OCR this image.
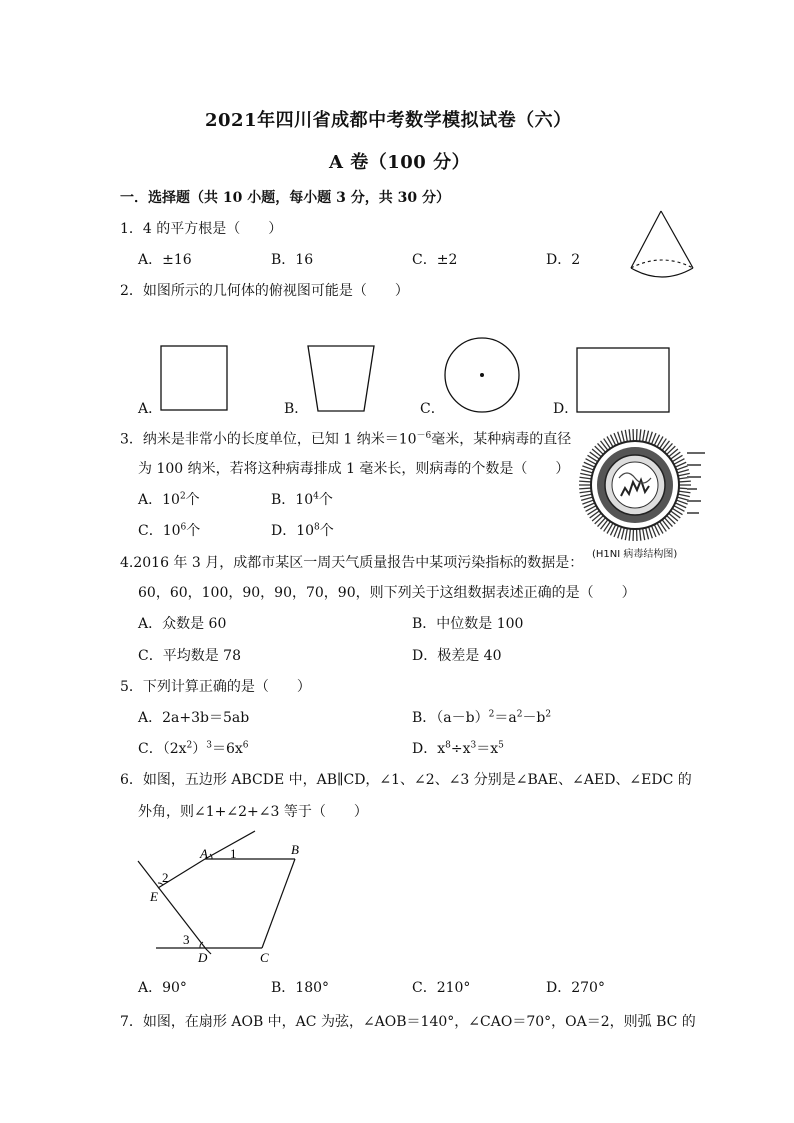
2021年四川省成都中考数学模拟试卷（六）
A 卷（100 分）
一．选择题（共 10 小题，每小题 3 分，共 30 分）
1．4 的平方根是（　　）
A．±16	B．16	C．±2	D．2
2．如图所示的几何体的俯视图可能是（　　）
A．	B．	C．	D．
3．纳米是非常小的长度单位，已知 1 纳米$=10^{-6}$毫米，某种病毒的直径
为 100 纳米，若将这种病毒排成 1 毫米长，则病毒的个数是（　　）
A．$10^2$个	B．$10^4$个
C．$10^6$个	D．$10^8$个
(H1NI 病毒结构图)
4.2016 年 3 月，成都市某区一周天气质量报告中某项污染指标的数据是：
60，60，100，90，90，70，90，则下列关于这组数据表述正确的是（　　）
A．众数是 60	B．中位数是 100
C．平均数是 78	D．极差是 40
5．下列计算正确的是（　　）
A．2a+3b＝5ab	B．$(a-b)^2=a^2-b^2$
C．$(2x^2)^3=6x^6$	D．$x^8\div x^3=x^5$
6．如图，五边形 ABCDE 中，AB∥CD，∠1、∠2、∠3 分别是∠BAE、∠AED、∠EDC 的
外角，则∠1+∠2+∠3 等于（　　）
A 1	B
2
E
3
D	C
A．90°	B．180°	C．210°	D．270°
7．如图，在扇形 AOB 中，AC 为弦，∠AOB＝140°，∠CAO＝70°，OA＝2，则弧 BC 的
